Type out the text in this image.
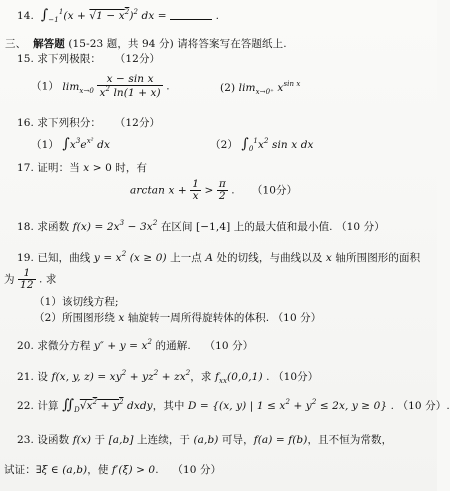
14.  $\int_{-1}^1(x + √1 - x^2)^2$ dx =	.
三、  解答题 (15-23 题，共 94 分) 请将答案写在答题纸上.
15. 求下列极限：    （12分）
（1） $\lim_{x\to 0} \frac{\text{x − sin x}}{x^2 \ln(1 + x)}$ .	(2) $\lim_{x\to 0^+} x^{sin x}$
16. 求下列积分：    （12分）
（1） $\int x^3e^{x^2}$ dx	（2） $\int_0^1x^2$ sin x dx
17. 证明：当 x > 0 时，有
$\arctan x + \frac{1}{x} > \frac{\pi}{2}$ .     （10分）
18. 求函数 $f(x) = 2x^3 - 3x^2$ 在区间 [−1,4] 上的最大值和最小值. （10 分）
19. 已知，曲线 $y = x^2$ (x ≥ 0) 上一点 A 处的切线，与曲线以及 x 轴所围图形的面积
为 $\frac{1}{12}$ . 求
（1）该切线方程;
（2）所围图形绕 x 轴旋转一周所得旋转体的体积. （10 分）
20. 求微分方程 $y'' + y = x^2$ 的通解.    （10 分）
21. 设 f(x, y, $z) = xy^2 + yz^2 + zx^2$，求 $f_{xx}(0,0,1)$ . （10分）
22. 计算 $∬_D√x^2 + y^2$ dxdy，其中 D = {(x, y) | $1 \le x^2 + y^2 \le 2x$, y ≥ 0} . （10 分）.
23. 设函数 f(x) 于 [a,b] 上连续，于 (a,b) 可导，f(a) = f(b)，且不恒为常数，
试证：∃ξ ∈ (a,b)，使 f′(ξ) > 0.    （10 分）
